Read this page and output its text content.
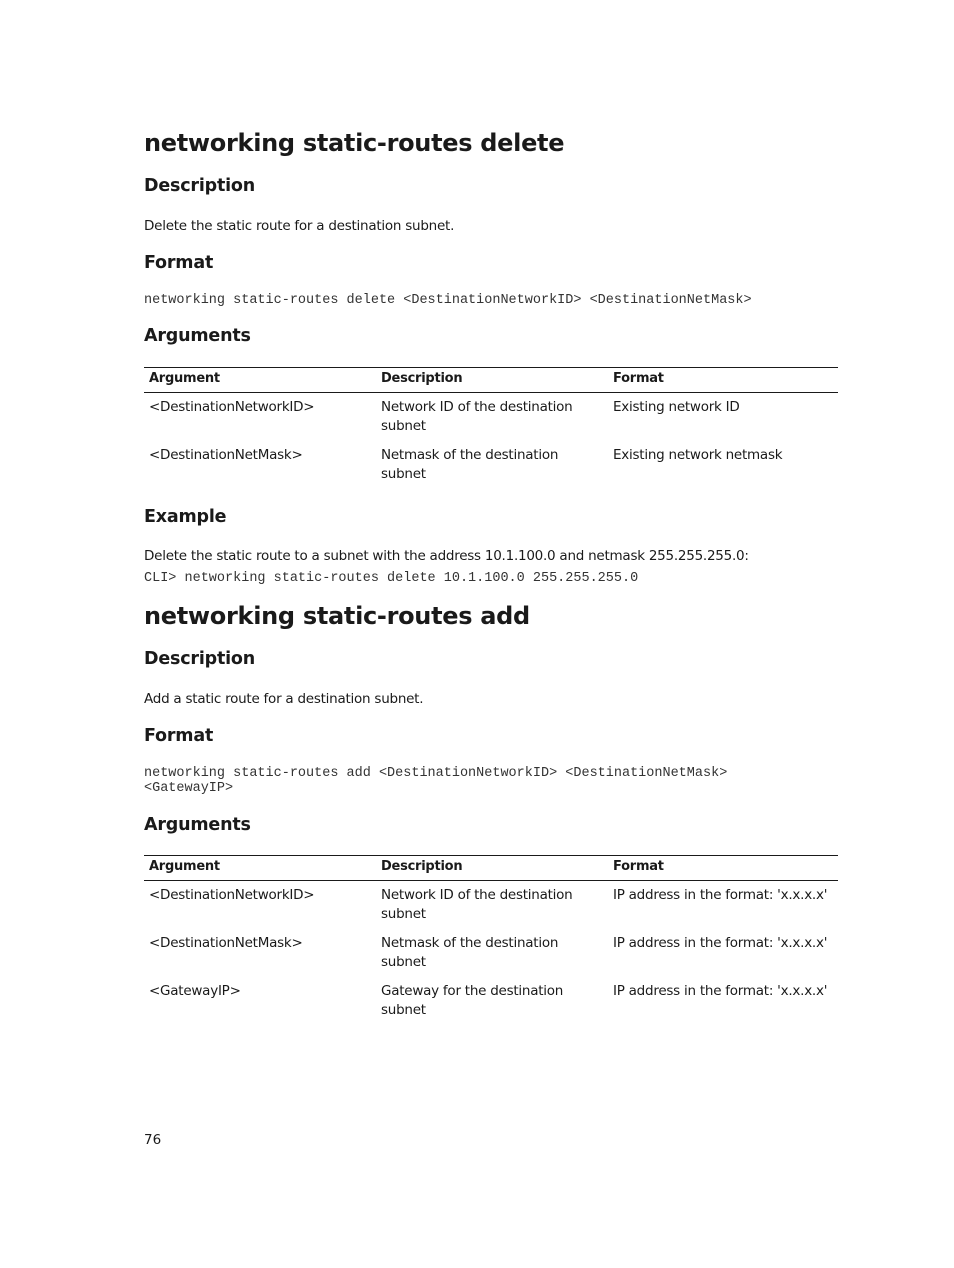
networking static-routes delete
Description

Delete the static route for a destination subnet.

Format
networking static-routes delete <DestinationNetworkID> <DestinationNetMask>
Arguments
Argument	Description	Format
<DestinationNetworkID>	Network ID of the destination subnet	Existing network ID
<DestinationNetMask>	Netmask of the destination subnet	Existing network netmask
Example

Delete the static route to a subnet with the address 10.1.100.0 and netmask 255.255.255.0:

CLI> networking static-routes delete 10.1.100.0 255.255.255.0
networking static-routes add
Description

Add a static route for a destination subnet.

Format
networking static-routes add <DestinationNetworkID> <DestinationNetMask>
<GatewayIP>
Arguments
Argument	Description	Format
<DestinationNetworkID>	Network ID of the destination subnet	IP address in the format: 'x.x.x.x'
<DestinationNetMask>	Netmask of the destination subnet	IP address in the format: 'x.x.x.x'
<GatewayIP>	Gateway for the destination subnet	IP address in the format: 'x.x.x.x'
76
